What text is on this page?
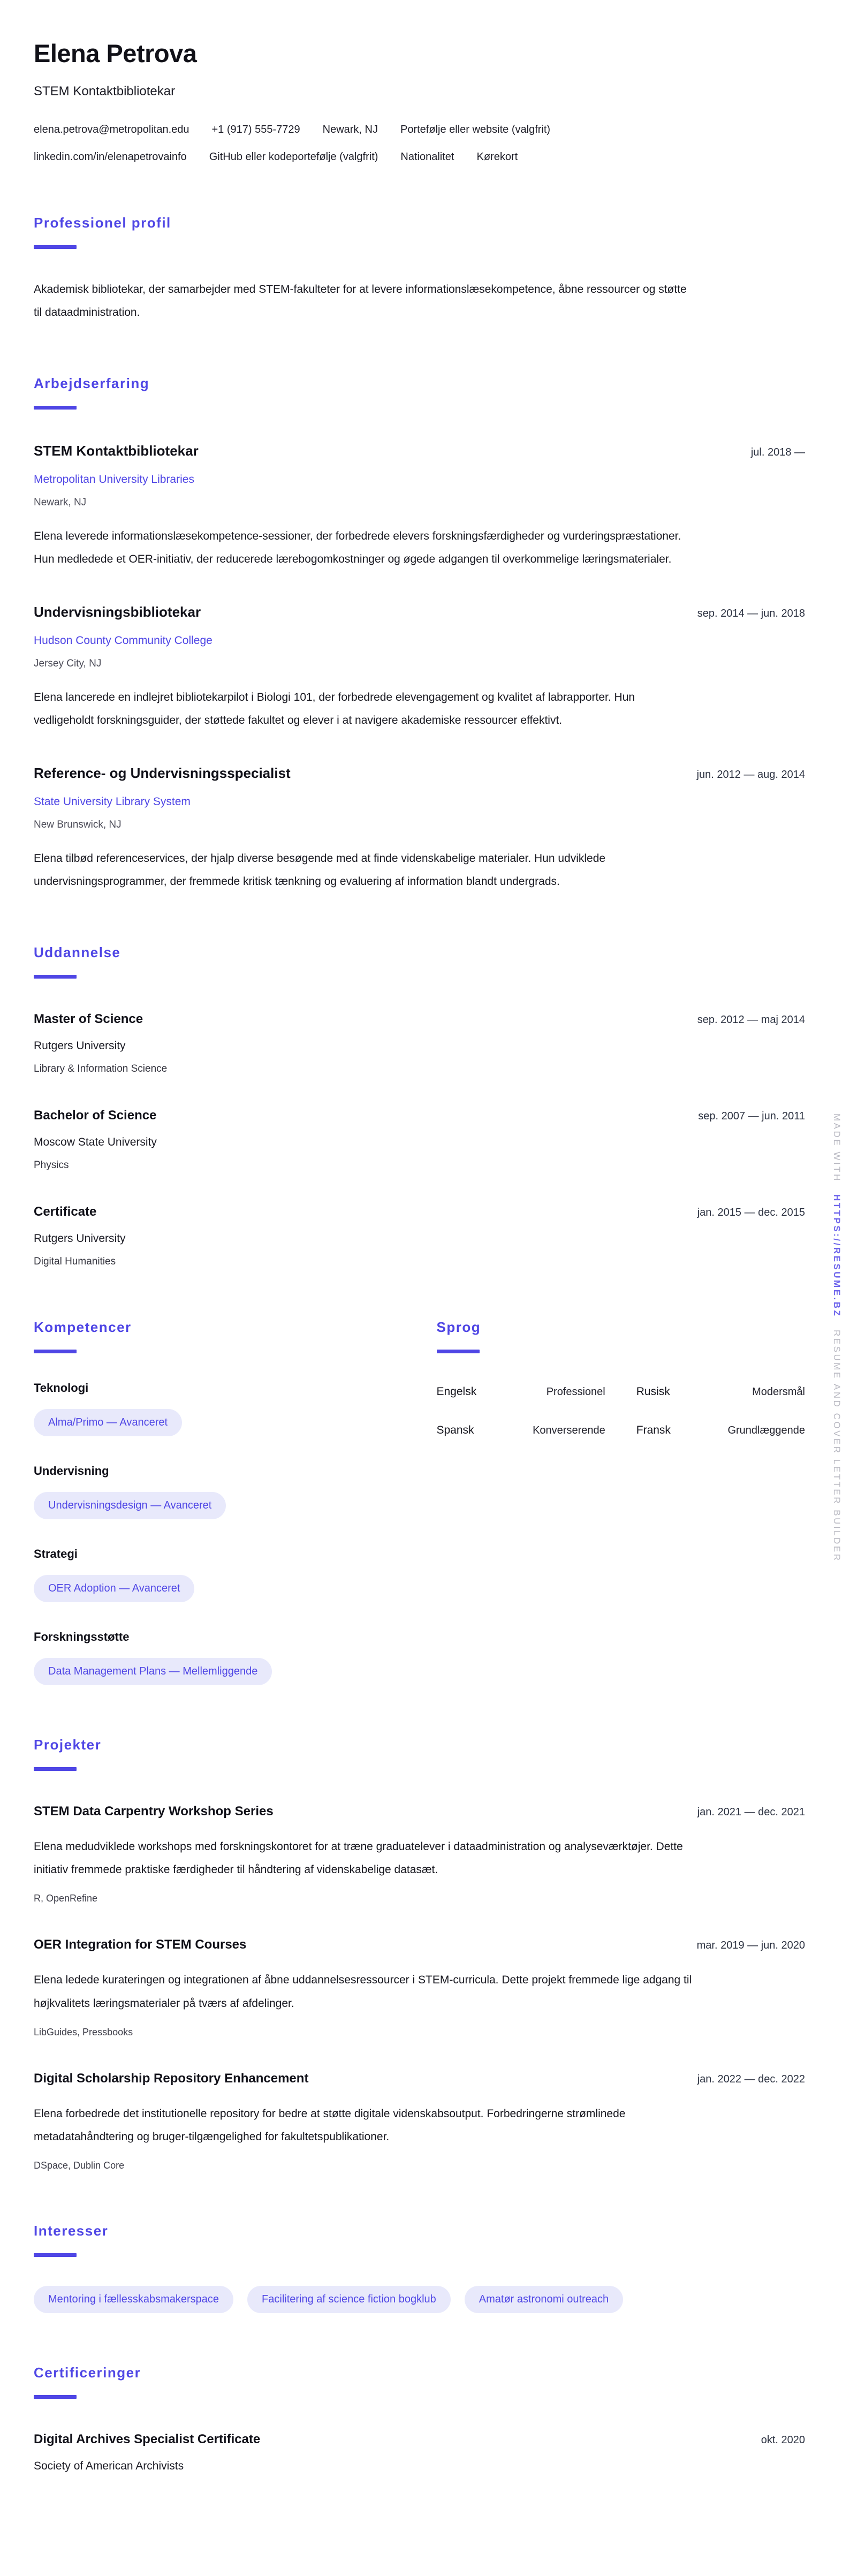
Elena Petrova
STEM Kontaktbibliotekar
elena.petrova@metropolitan.edu +1 (917) 555-7729 Newark, NJ Portefølje eller website (valgfrit)
linkedin.com/in/elenapetrovainfo GitHub eller kodeportefølje (valgfrit) Nationalitet Kørekort
Professionel profil

Akademisk bibliotekar, der samarbejder med STEM-fakulteter for at levere informationslæsekompetence, åbne ressourcer og støtte til dataadministration.

Arbejdserfaring
STEM Kontaktbibliotekar	jul. 2018 —
Metropolitan University Libraries
Newark, NJ

Elena leverede informationslæsekompetence-sessioner, der forbedrede elevers forskningsfærdigheder og vurderingspræstationer. Hun medledede et OER-initiativ, der reducerede lærebogomkostninger og øgede adgangen til overkommelige læringsmaterialer.

Undervisningsbibliotekar	sep. 2014 — jun. 2018
Hudson County Community College
Jersey City, NJ

Elena lancerede en indlejret bibliotekarpilot i Biologi 101, der forbedrede elevengagement og kvalitet af labrapporter. Hun vedligeholdt forskningsguider, der støttede fakultet og elever i at navigere akademiske ressourcer effektivt.

Reference- og Undervisningsspecialist	jun. 2012 — aug. 2014
State University Library System
New Brunswick, NJ

Elena tilbød referenceservices, der hjalp diverse besøgende med at finde videnskabelige materialer. Hun udviklede undervisningsprogrammer, der fremmede kritisk tænkning og evaluering af information blandt undergrads.

Uddannelse
Master of Science	sep. 2012 — maj 2014
Rutgers University
Library & Information Science
Bachelor of Science	sep. 2007 — jun. 2011
Moscow State University
Physics
Certificate	jan. 2015 — dec. 2015
Rutgers University
Digital Humanities
Kompetencer
Teknologi
Alma/Primo — Avanceret
Undervisning
Undervisningsdesign — Avanceret
Strategi
OER Adoption — Avanceret
Forskningsstøtte
Data Management Plans — Mellemliggende
Sprog
Engelsk	Professionel	Rusisk	Modersmål
Spansk	Konverserende	Fransk	Grundlæggende
Projekter
STEM Data Carpentry Workshop Series	jan. 2021 — dec. 2021

Elena medudviklede workshops med forskningskontoret for at træne graduatelever i dataadministration og analyseværktøjer. Dette initiativ fremmede praktiske færdigheder til håndtering af videnskabelige datasæt.

R, OpenRefine
OER Integration for STEM Courses	mar. 2019 — jun. 2020

Elena ledede kurateringen og integrationen af åbne uddannelsesressourcer i STEM-curricula. Dette projekt fremmede lige adgang til højkvalitets læringsmaterialer på tværs af afdelinger.

LibGuides, Pressbooks
Digital Scholarship Repository Enhancement	jan. 2022 — dec. 2022

Elena forbedrede det institutionelle repository for bedre at støtte digitale videnskabsoutput. Forbedringerne strømlinede metadatahåndtering og bruger-tilgængelighed for fakultetspublikationer.

DSpace, Dublin Core
Interesser
Mentoring i fællesskabsmakerspace	Facilitering af science fiction bogklub	Amatør astronomi outreach
Certificeringer
Digital Archives Specialist Certificate	okt. 2020
Society of American Archivists
MADE WITH HTTPS://RESUME.BZ RESUME AND COVER LETTER BUILDER
